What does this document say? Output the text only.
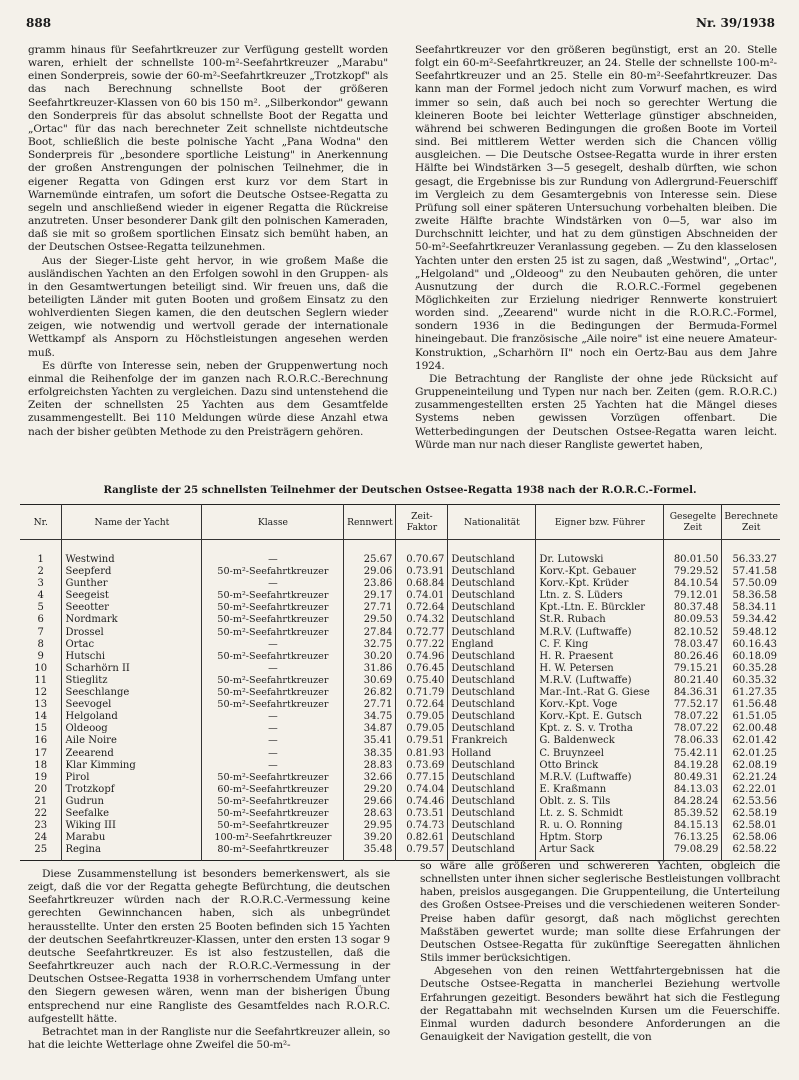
888	Nr. 39/1938

gramm hinaus für Seefahrtkreuzer zur Verfügung gestellt worden waren, erhielt der schnellste 100-m²-Seefahrtkreuzer „Marabu" einen Sonderpreis, sowie der 60-m²-Seefahrtkreuzer „Trotzkopf" als das nach Berechnung schnellste Boot der größeren Seefahrtkreuzer-Klassen von 60 bis 150 m². „Silberkondor" gewann den Sonderpreis für das absolut schnellste Boot der Regatta und „Ortac" für das nach berechneter Zeit schnellste nichtdeutsche Boot, schließlich die beste polnische Yacht „Pana Wodna" den Sonderpreis für „besondere sportliche Leistung" in Anerkennung der großen Anstrengungen der polnischen Teilnehmer, die in eigener Regatta von Gdingen erst kurz vor dem Start in Warnemünde eintrafen, um sofort die Deutsche Ostsee-Regatta zu segeln und anschließend wieder in eigener Regatta die Rückreise anzutreten. Unser besonderer Dank gilt den polnischen Kameraden, daß sie mit so großem sportlichen Einsatz sich bemüht haben, an der Deutschen Ostsee-Regatta teilzunehmen.

Aus der Sieger-Liste geht hervor, in wie großem Maße die ausländischen Yachten an den Erfolgen sowohl in den Gruppen- als in den Gesamtwertungen beteiligt sind. Wir freuen uns, daß die beteiligten Länder mit guten Booten und großem Einsatz zu den wohlverdienten Siegen kamen, die den deutschen Seglern wieder zeigen, wie notwendig und wertvoll gerade der internationale Wettkampf als Ansporn zu Höchstleistungen angesehen werden muß.

Es dürfte von Interesse sein, neben der Gruppenwertung noch einmal die Reihenfolge der im ganzen nach R.O.R.C.-Berechnung erfolgreichsten Yachten zu vergleichen. Dazu sind untenstehend die Zeiten der schnellsten 25 Yachten aus dem Gesamtfelde zusammengestellt. Bei 110 Meldungen würde diese Anzahl etwa nach der bisher geübten Methode zu den Preisträgern gehören.

Seefahrtkreuzer vor den größeren begünstigt, erst an 20. Stelle folgt ein 60-m²-Seefahrtkreuzer, an 24. Stelle der schnellste 100-m²-Seefahrtkreuzer und an 25. Stelle ein 80-m²-Seefahrtkreuzer. Das kann man der Formel jedoch nicht zum Vorwurf machen, es wird immer so sein, daß auch bei noch so gerechter Wertung die kleineren Boote bei leichter Wetterlage günstiger abschneiden, während bei schweren Bedingungen die großen Boote im Vorteil sind. Bei mittlerem Wetter werden sich die Chancen völlig ausgleichen. — Die Deutsche Ostsee-Regatta wurde in ihrer ersten Hälfte bei Windstärken 3—5 gesegelt, deshalb dürften, wie schon gesagt, die Ergebnisse bis zur Rundung von Adlergrund-Feuerschiff im Vergleich zu dem Gesamtergebnis von Interesse sein. Diese Prüfung soll einer späteren Untersuchung vorbehalten bleiben. Die zweite Hälfte brachte Windstärken von 0—5, war also im Durchschnitt leichter, und hat zu dem günstigen Abschneiden der 50-m²-Seefahrtkreuzer Veranlassung gegeben. — Zu den klasselosen Yachten unter den ersten 25 ist zu sagen, daß „Westwind", „Ortac", „Helgoland" und „Oldeoog" zu den Neubauten gehören, die unter Ausnutzung der durch die R.O.R.C.-Formel gegebenen Möglichkeiten zur Erzielung niedriger Rennwerte konstruiert worden sind. „Zeearend" wurde nicht in die R.O.R.C.-Formel, sondern 1936 in die Bedingungen der Bermuda-Formel hineingebaut. Die französische „Aile noire" ist eine neuere Amateur-Konstruktion, „Scharhörn II" noch ein Oertz-Bau aus dem Jahre 1924.

Die Betrachtung der Rangliste der ohne jede Rücksicht auf Gruppeneinteilung und Typen nur nach ber. Zeiten (gem. R.O.R.C.) zusammengestellten ersten 25 Yachten hat die Mängel dieses Systems neben gewissen Vorzügen offenbart. Die Wetterbedingungen der Deutschen Ostsee-Regatta waren leicht. Würde man nur nach dieser Rangliste gewertet haben,

Rangliste der 25 schnellsten Teilnehmer der Deutschen Ostsee-Regatta 1938 nach der R.O.R.C.-Formel.
Nr.	Name der Yacht	Klasse	Rennwert	Zeit-Faktor	Nationalität	Eigner bzw. Führer	Gesegelte Zeit	Berechnete Zeit
1	Westwind	—	25.67	0.70.67	Deutschland	Dr. Lutowski	80.01.50	56.33.27
2	Seepferd	50-m²-Seefahrtkreuzer	29.06	0.73.91	Deutschland	Korv.-Kpt. Gebauer	79.29.52	57.41.58
3	Gunther	—	23.86	0.68.84	Deutschland	Korv.-Kpt. Krüder	84.10.54	57.50.09
4	Seegeist	50-m²-Seefahrtkreuzer	29.17	0.74.01	Deutschland	Ltn. z. S. Lüders	79.12.01	58.36.58
5	Seeotter	50-m²-Seefahrtkreuzer	27.71	0.72.64	Deutschland	Kpt.-Ltn. E. Bürckler	80.37.48	58.34.11
6	Nordmark	50-m²-Seefahrtkreuzer	29.50	0.74.32	Deutschland	St.R. Rubach	80.09.53	59.34.42
7	Drossel	50-m²-Seefahrtkreuzer	27.84	0.72.77	Deutschland	M.R.V. (Luftwaffe)	82.10.52	59.48.12
8	Ortac	—	32.75	0.77.22	England	C. F. King	78.03.47	60.16.43
9	Hutschi	50-m²-Seefahrtkreuzer	30.20	0.74.96	Deutschland	H. R. Praesent	80.26.46	60.18.09
10	Scharhörn II	—	31.86	0.76.45	Deutschland	H. W. Petersen	79.15.21	60.35.28
11	Stieglitz	50-m²-Seefahrtkreuzer	30.69	0.75.40	Deutschland	M.R.V. (Luftwaffe)	80.21.40	60.35.32
12	Seeschlange	50-m²-Seefahrtkreuzer	26.82	0.71.79	Deutschland	Mar.-Int.-Rat G. Giese	84.36.31	61.27.35
13	Seevogel	50-m²-Seefahrtkreuzer	27.71	0.72.64	Deutschland	Korv.-Kpt. Voge	77.52.17	61.56.48
14	Helgoland	—	34.75	0.79.05	Deutschland	Korv.-Kpt. E. Gutsch	78.07.22	61.51.05
15	Oldeoog	—	34.87	0.79.05	Deutschland	Kpt. z. S. v. Trotha	78.07.22	62.00.48
16	Aile Noire	—	35.41	0.79.51	Frankreich	G. Baldenweck	78.06.33	62.01.42
17	Zeearend	—	38.35	0.81.93	Holland	C. Bruynzeel	75.42.11	62.01.25
18	Klar Kimming	—	28.83	0.73.69	Deutschland	Otto Brinck	84.19.28	62.08.19
19	Pirol	50-m²-Seefahrtkreuzer	32.66	0.77.15	Deutschland	M.R.V. (Luftwaffe)	80.49.31	62.21.24
20	Trotzkopf	60-m²-Seefahrtkreuzer	29.20	0.74.04	Deutschland	E. Kraßmann	84.13.03	62.22.01
21	Gudrun	50-m²-Seefahrtkreuzer	29.66	0.74.46	Deutschland	Oblt. z. S. Tils	84.28.24	62.53.56
22	Seefalke	50-m²-Seefahrtkreuzer	28.63	0.73.51	Deutschland	Lt. z. S. Schmidt	85.39.52	62.58.19
23	Wiking III	50-m²-Seefahrtkreuzer	29.95	0.74.73	Deutschland	R. u. O. Ronning	84.15.13	62.58.01
24	Marabu	100-m²-Seefahrtkreuzer	39.20	0.82.61	Deutschland	Hptm. Storp	76.13.25	62.58.06
25	Regina	80-m²-Seefahrtkreuzer	35.48	0.79.57	Deutschland	Artur Sack	79.08.29	62.58.22

Diese Zusammenstellung ist besonders bemerkenswert, als sie zeigt, daß die vor der Regatta gehegte Befürchtung, die deutschen Seefahrtkreuzer würden nach der R.O.R.C.-Vermessung keine gerechten Gewinnchancen haben, sich als unbegründet herausstellte. Unter den ersten 25 Booten befinden sich 15 Yachten der deutschen Seefahrtkreuzer-Klassen, unter den ersten 13 sogar 9 deutsche Seefahrtkreuzer. Es ist also festzustellen, daß die Seefahrtkreuzer auch nach der R.O.R.C.-Vermessung in der Deutschen Ostsee-Regatta 1938 in vorherrschendem Umfang unter den Siegern gewesen wären, wenn man der bisherigen Übung entsprechend nur eine Rangliste des Gesamtfeldes nach R.O.R.C. aufgestellt hätte.

Betrachtet man in der Rangliste nur die Seefahrtkreuzer allein, so hat die leichte Wetterlage ohne Zweifel die 50-m²-

so wäre alle größeren und schwereren Yachten, obgleich die schnellsten unter ihnen sicher seglerische Bestleistungen vollbracht haben, preislos ausgegangen. Die Gruppenteilung, die Unterteilung des Großen Ostsee-Preises und die verschiedenen weiteren Sonder-Preise haben dafür gesorgt, daß nach möglichst gerechten Maßstäben gewertet wurde; man sollte diese Erfahrungen der Deutschen Ostsee-Regatta für zukünftige Seeregatten ähnlichen Stils immer berücksichtigen.

Abgesehen von den reinen Wettfahrtergebnissen hat die Deutsche Ostsee-Regatta in mancherlei Beziehung wertvolle Erfahrungen gezeitigt. Besonders bewährt hat sich die Festlegung der Regattabahn mit wechselnden Kursen um die Feuerschiffe. Einmal wurden dadurch besondere Anforderungen an die Genauigkeit der Navigation gestellt, die von
